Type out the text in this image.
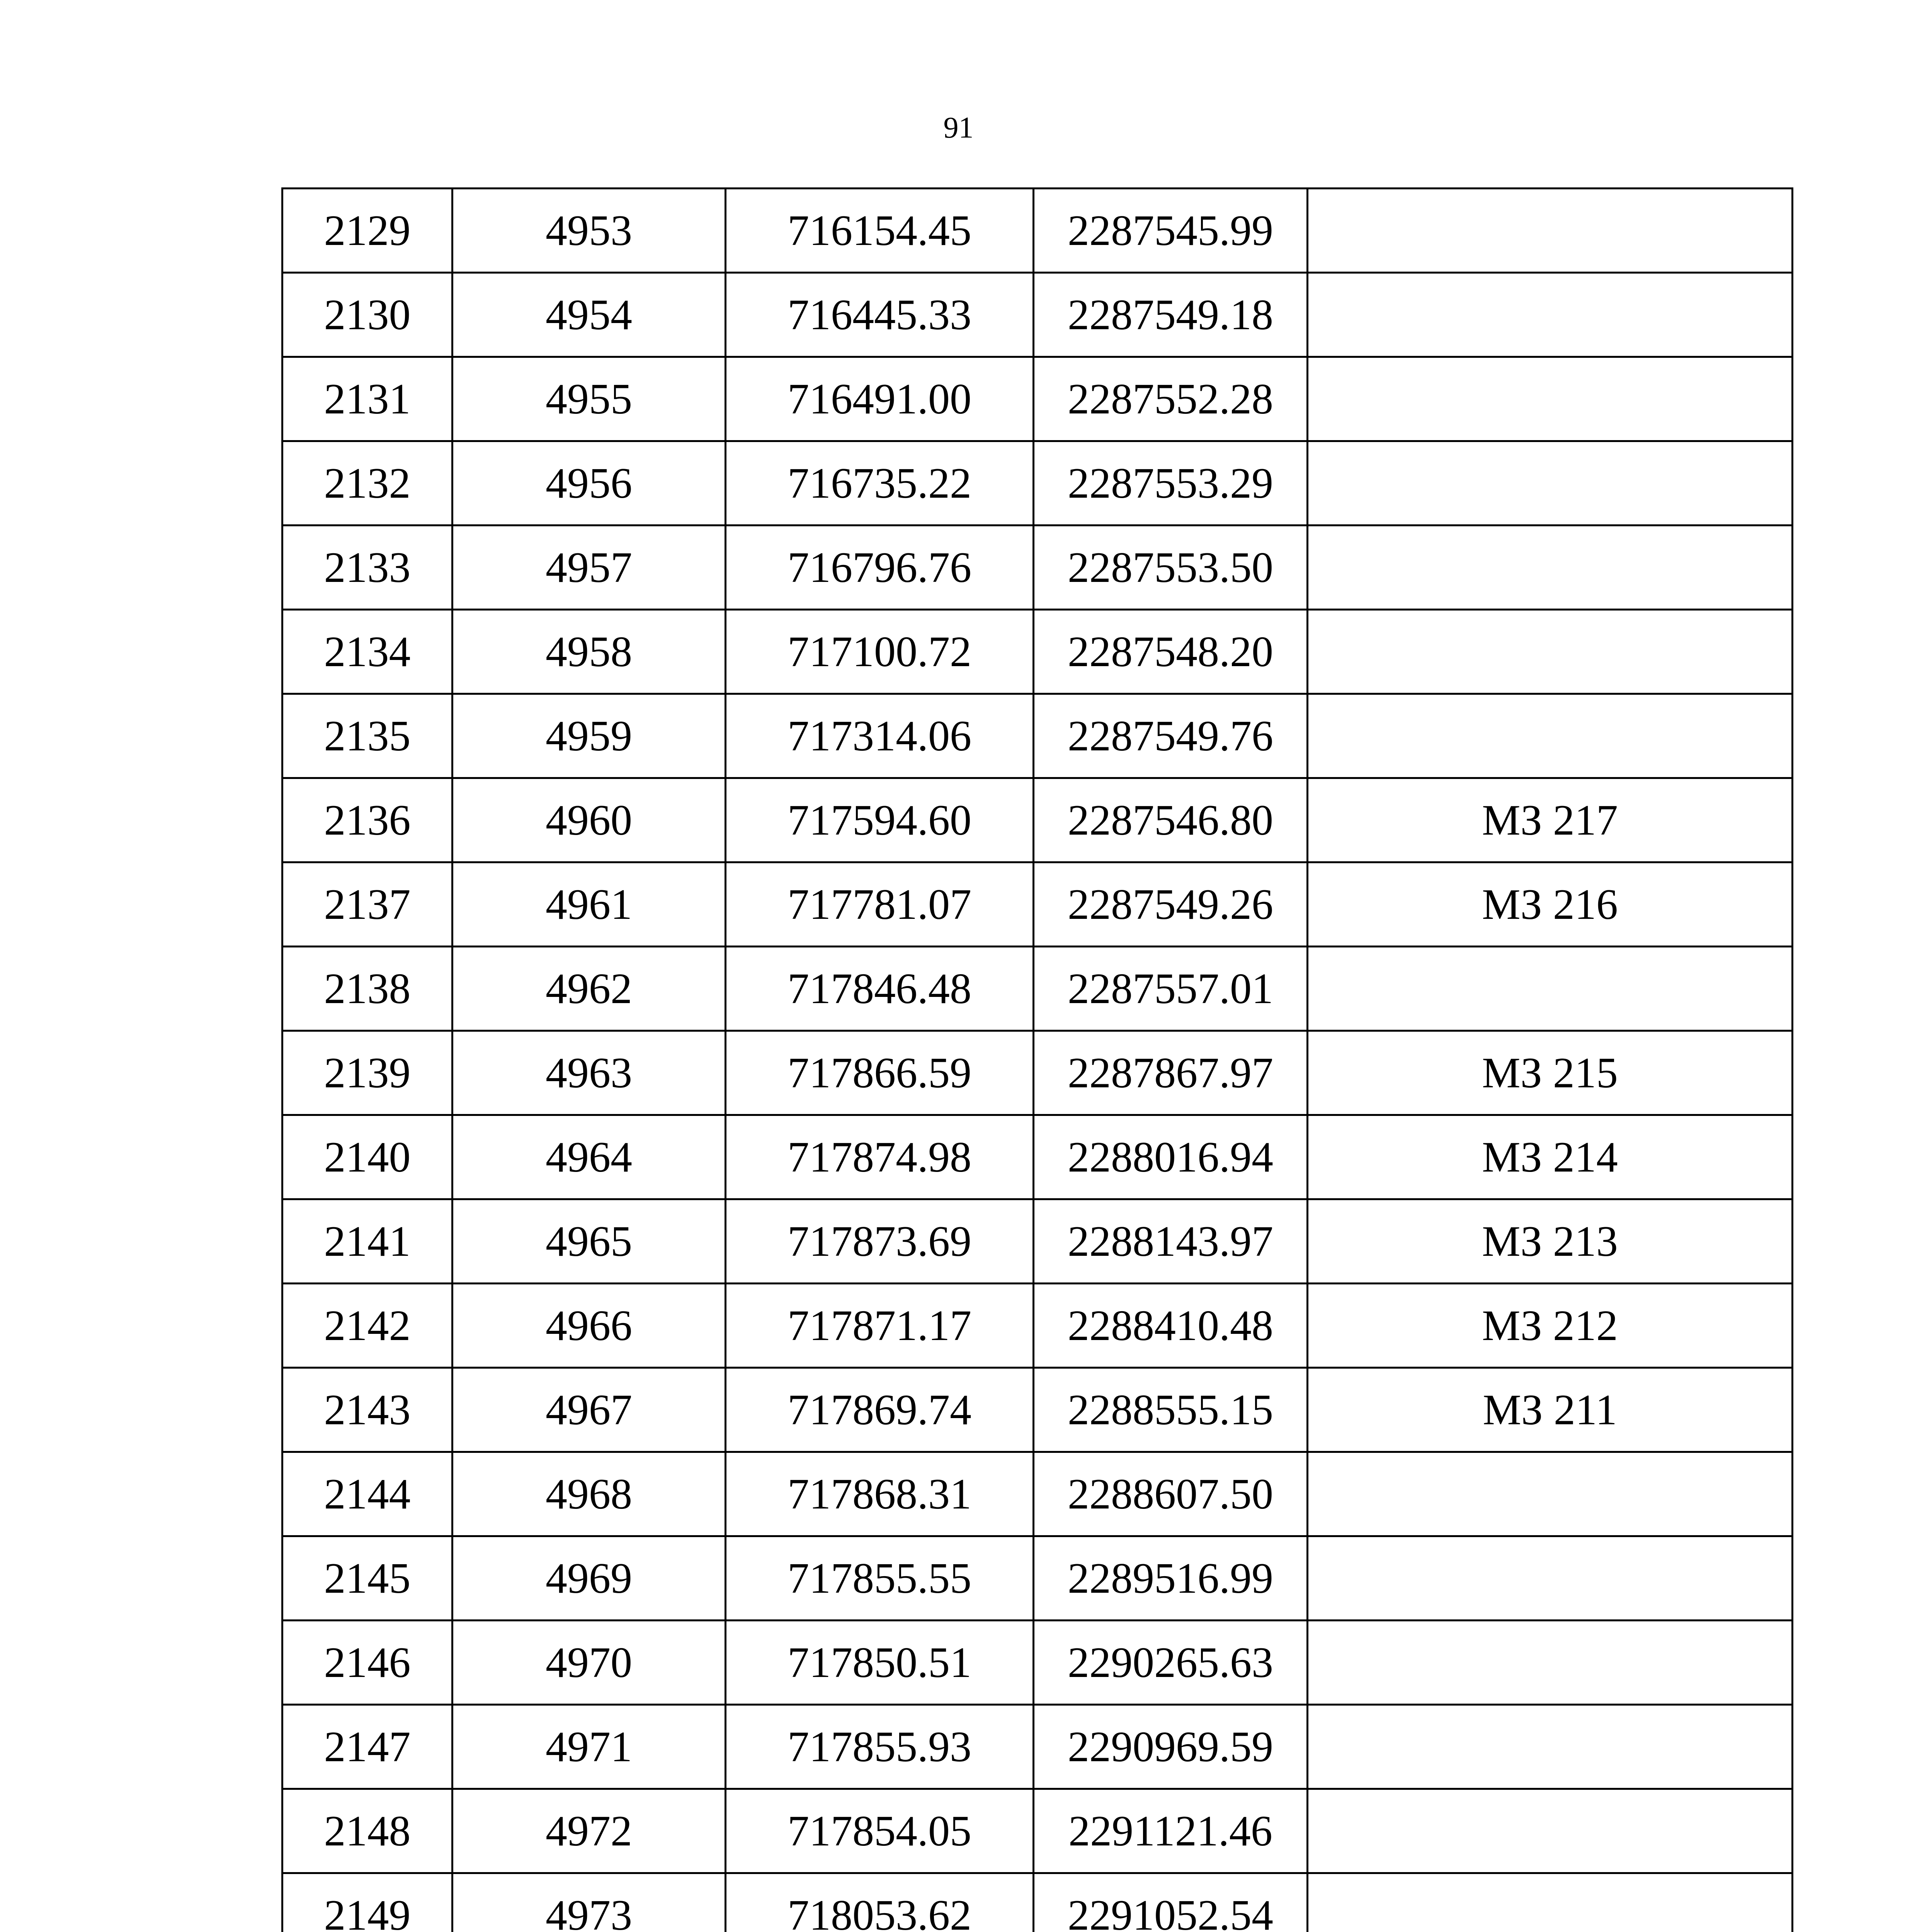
91
2129	4953	716154.45	2287545.99	
2130	4954	716445.33	2287549.18	
2131	4955	716491.00	2287552.28	
2132	4956	716735.22	2287553.29	
2133	4957	716796.76	2287553.50	
2134	4958	717100.72	2287548.20	
2135	4959	717314.06	2287549.76	
2136	4960	717594.60	2287546.80	МЗ 217
2137	4961	717781.07	2287549.26	МЗ 216
2138	4962	717846.48	2287557.01	
2139	4963	717866.59	2287867.97	МЗ 215
2140	4964	717874.98	2288016.94	МЗ 214
2141	4965	717873.69	2288143.97	МЗ 213
2142	4966	717871.17	2288410.48	МЗ 212
2143	4967	717869.74	2288555.15	МЗ 211
2144	4968	717868.31	2288607.50	
2145	4969	717855.55	2289516.99	
2146	4970	717850.51	2290265.63	
2147	4971	717855.93	2290969.59	
2148	4972	717854.05	2291121.46	
2149	4973	718053.62	2291052.54	
